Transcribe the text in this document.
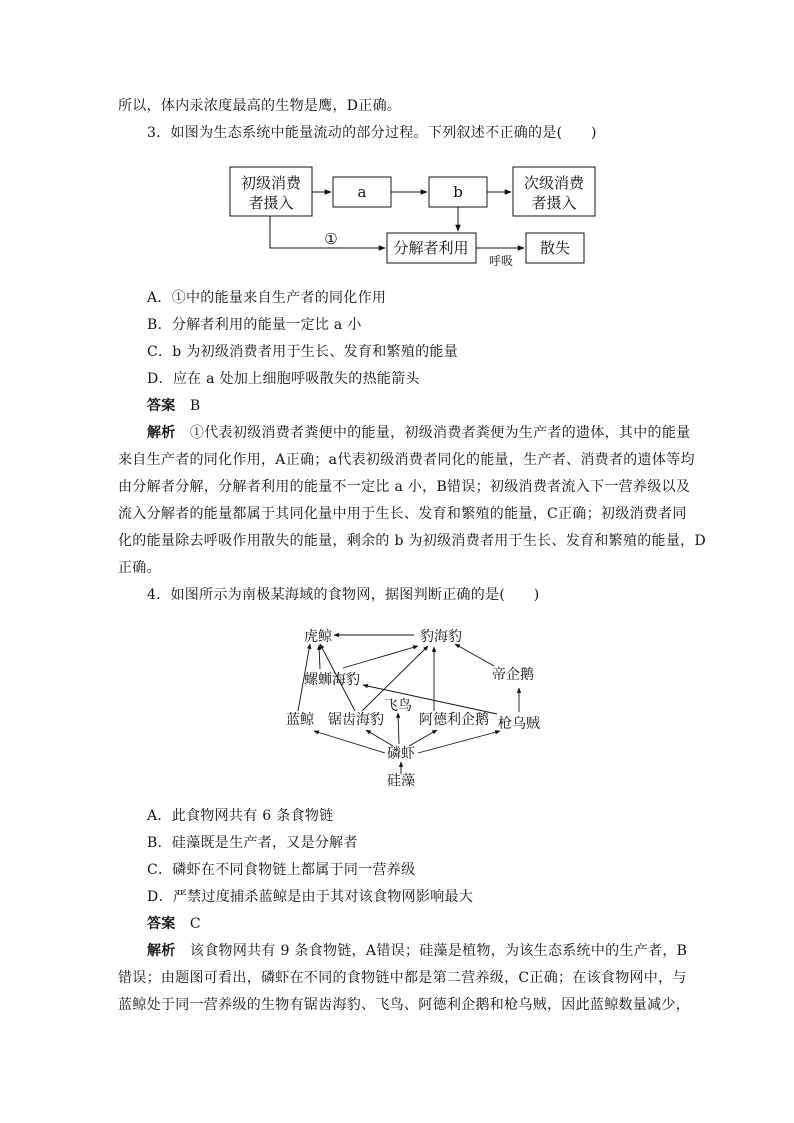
所以，体内汞浓度最高的生物是鹰，D正确。
3．如图为生态系统中能量流动的部分过程。下列叙述不正确的是(　　)
初级消费
者摄入
a	b	次级消费
者摄入
①	分解者利用	散失
呼吸
A．①中的能量来自生产者的同化作用
B．分解者利用的能量一定比 a 小
C．b 为初级消费者用于生长、发育和繁殖的能量
D．应在 a 处加上细胞呼吸散失的热能箭头
答案　 B
解析　 ①代表初级消费者粪便中的能量，初级消费者粪便为生产者的遗体，其中的能量
来自生产者的同化作用，A正确；a代表初级消费者同化的能量，生产者、消费者的遗体等均
由分解者分解，分解者利用的能量不一定比 a 小，B错误；初级消费者流入下一营养级以及
流入分解者的能量都属于其同化量中用于生长、发育和繁殖的能量，C正确；初级消费者同
化的能量除去呼吸作用散失的能量，剩余的 b 为初级消费者用于生长、发育和繁殖的能量，D
正确。
4．如图所示为南极某海域的食物网，据图判断正确的是(　　)
虎鲸	豹海豹
帝企鹅
螺蛳海豹
蓝鲸 锯齿海豹
飞鸟
阿德利企鹅 枪乌贼
磷虾
硅藻
A．此食物网共有 6 条食物链
B．硅藻既是生产者，又是分解者
C．磷虾在不同食物链上都属于同一营养级
D．严禁过度捕杀蓝鲸是由于其对该食物网影响最大
答案　 C
解析　 该食物网共有 9 条食物链，A错误；硅藻是植物，为该生态系统中的生产者，B
错误；由题图可看出，磷虾在不同的食物链中都是第二营养级，C正确；在该食物网中，与
蓝鲸处于同一营养级的生物有锯齿海豹、飞鸟、阿德利企鹅和枪乌贼，因此蓝鲸数量减少，
